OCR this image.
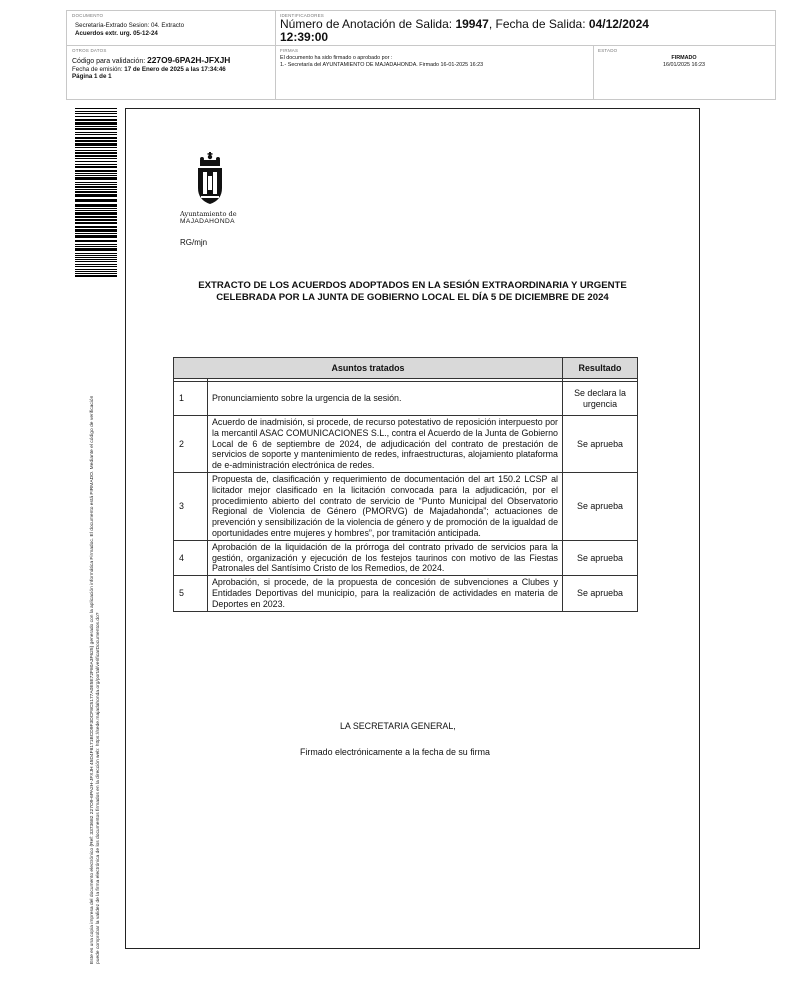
DOCUMENTO
Secretaría-Extrado Sesion: 04. Extracto
Acuerdos extr. urg. 05-12-24
IDENTIFICADORES
Número de Anotación de Salida: 19947, Fecha de Salida: 04/12/2024
12:39:00
OTROS DATOS
Código para validación: 227O9-6PA2H-JFXJH
Fecha de emisión: 17 de Enero de 2025 a las 17:34:46
Página 1 de 1
FIRMAS
El documento ha sido firmado o aprobado por :
1.- Secretaría del AYUNTAMIENTO DE MAJADAHONDA. Firmado 16-01-2025 16:23
ESTADO
FIRMADO
16/01/2025 16:23
Este es una copia impresa del documento electrónico (Ref: 3373682 227O9-6PA2H-JFXJH 45D4F8171BCD9F3DCF8C5177A0E5E72F80A3F625) generado con la aplicación informática Firmadoc. El documento está FIRMADO. Mediante el código de verificación puede comprobar la validez de la firma electrónica de los documentos firmados en la dirección web: https://sede.majadahonda.org/portal/verificarDocumentos.do?
Ayuntamiento de
MAJADAHONDA
RG/mjn
EXTRACTO DE LOS ACUERDOS ADOPTADOS EN LA SESIÓN EXTRAORDINARIA Y URGENTE CELEBRADA POR LA JUNTA DE GOBIERNO LOCAL EL DÍA 5 DE DICIEMBRE DE 2024
Asuntos tratados		Resultado

1	Pronunciamiento sobre la urgencia de la sesión.	Se declara la urgencia
2	Acuerdo de inadmisión, si procede, de recurso potestativo de reposición interpuesto por la mercantil ASAC COMUNICACIONES S.L., contra el Acuerdo de la Junta de Gobierno Local de 6 de septiembre de 2024, de adjudicación del contrato de prestación de servicios de soporte y mantenimiento de redes, infraestructuras, alojamiento plataforma de e-administración electrónica de redes.	Se aprueba
3	Propuesta de, clasificación y requerimiento de documentación del art 150.2 LCSP al licitador mejor clasificado en la licitación convocada para la adjudicación, por el procedimiento abierto del contrato de servicio de “Punto Municipal del Observatorio Regional de Violencia de Género (PMORVG) de Majadahonda”; actuaciones de prevención y sensibilización de la violencia de género y de promoción de la igualdad de oportunidades entre mujeres y hombres”, por tramitación anticipada.	Se aprueba
4	Aprobación de la liquidación de la prórroga del contrato privado de servicios para la gestión, organización y ejecución de los festejos taurinos con motivo de las Fiestas Patronales del Santísimo Cristo de los Remedios, de 2024.	Se aprueba
5	Aprobación, si procede, de la propuesta de concesión de subvenciones a Clubes y Entidades Deportivas del municipio, para la realización de actividades en materia de Deportes en 2023.	Se aprueba
LA SECRETARIA GENERAL,
Firmado electrónicamente a la fecha de su firma
